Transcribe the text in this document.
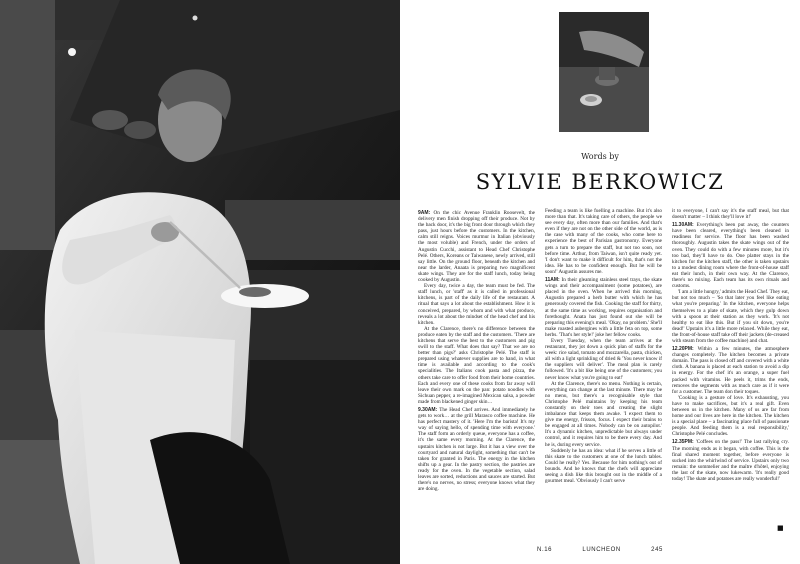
Words by
SYLVIE BERKOWICZ

9AM: On the chic Avenue Franklin Roosevelt, the delivery men finish dropping off their produce. Not by the back door, it's the big front door through which they pass, just hours before the customers. In the kitchen, calm still reigns. Voices murmur in Italian (obviously the most voluble) and French, under the orders of Augustin Cucchi, assistant to Head Chef Christophe Pelé. Others, Koreans or Taiwanese, newly arrived, still say little. On the ground floor, beneath the kitchen and near the larder, Anaata is preparing two magnificent skate wings. They are for the staff lunch, today being cooked by Augustin.

Every day, twice a day, the team must be fed. The staff lunch, or 'staff' as it is called in professional kitchens, is part of the daily life of the restaurant. A ritual that says a lot about the establishment. How it is conceived, prepared, by whom and with what produce, reveals a lot about the mindset of the head chef and his kitchen.

At the Clarence, there's no difference between the produce eaten by the staff and the customers. 'There are kitchens that serve the best to the customers and pig swill to the staff. What does that say? That we are no better than pigs?' asks Christophe Pelé. The staff is prepared using whatever supplies are to hand, in what time is available and according to the cook's specialities. The Italians cook pasta and pizza, the others take care to offer food from their home countries. Each and every one of these cooks from far away will leave their own mark on the pan: potato noodles with Sichuan pepper, a re-imagined Mexican salsa, a powder made from blackened ginger skin…

9.30AM: The Head Chef arrives. And immediately he gets to work… at the grill Marasco coffee machine. He has perfect mastery of it. 'Here I'm the barista! It's my way of saying hello, of spending time with everyone.' The staff form an orderly queue, everyone has a coffee, it's the same every morning. At the Clarence, the upstairs kitchen is not large. But it has a view over the courtyard and natural daylight, something that can't be taken for granted in Paris. The energy in the kitchen shifts up a gear. In the pastry section, the pastries are ready for the oven. In the vegetable section, salad leaves are sorted, reductions and sauces are started. But there's no nerves, no stress; everyone knows what they are doing.

Feeding a team is like fuelling a machine. But it's also more than that. It's taking care of others, the people we see every day, often more than our families. And that's even if they are not on the other side of the world, as is the case with many of the cooks, who come here to experience the best of Parisian gastronomy. Everyone gets a turn to prepare the staff, but not too soon, not before time. Arthur, from Taiwan, isn't quite ready yet. 'I don't want to make it difficult for him, that's not the idea. He has to be confident enough. But he will be soon!' Augustin assures me.

11AM: In their gleaming stainless steel trays, the skate wings and their accompaniment (some potatoes), are placed in the oven. When he arrived this morning, Augustin prepared a herb butter with which he has generously covered the fish. Cooking the staff for thirty, at the same time as working, requires organisation and forethought. Anata has just found out she will be preparing this evening's meal. 'Okay, no problem.' She'll make roasted aubergines with a little feta on top, some herbs. 'That's her style!' joke her fellow cooks.

Every Tuesday, when the team arrives at the restaurant, they jot down a quick plan of staffs for the week: rice salad, tomato and mozzarella, pasta, chicken, all with a light sprinkling of dried & 'You never know if the suppliers will deliver'. The meal plan is rarely followed. 'It's a bit like being one of the customers; you never know what you're going to eat!'

At the Clarence, there's no menu. Nothing is certain, everything can change at the last minute. There may be no menu, but there's a recognisable style that Christophe Pelé maintains by keeping his team constantly on their toes and creating the slight imbalance that keeps them awake. 'I expect them to give me energy, frisson, focus. I expect their brains to be engaged at all times. Nobody can be on autopilot.' It's a dynamic kitchen, unpredictable but always under control, and it requires him to be there every day. And he is, during every service.

Suddenly he has an idea: what if he serves a little of this skate to the customers at one of the lunch tables. Could he really? Yes. Because for him nothing's out of bounds. And he knows that the chefs will appreciate seeing a dish like this brought out in the middle of a gourmet meal. 'Obviously I can't serve

it to everyone, I can't say it's the staff meal, but that doesn't matter – I think they'll love it!'

11.30AM: Everything's been put away, the counters have been cleared, everything's been cleaned in readiness for service. The floor has been washed thoroughly. Augustin takes the skate wings out of the oven. They could do with a few minutes more, but it's too bad, they'll have to do. One platter stays in the kitchen for the kitchen staff, the other is taken upstairs to a modest dining room where the front-of-house staff eat their lunch, in their own way. At the Clarence, there's no mixing. Each team has its own rituals and customs.

'I am a little hungry,' admits the Head Chef. They eat, but not too much – 'So that later you feel like eating what you're preparing.' In the kitchen, everyone helps themselves to a plate of skate, which they gulp down with a spoon at their station as they work. 'It's not healthy to eat like this. But if you sit down, you're dead!' Upstairs it's a little more relaxed. While they eat, the front-of-house staff take off their jackets (de-creased with steam from the coffee machine) and chat.

12.20PM: Within a few minutes, the atmosphere changes completely. The kitchen becomes a private domain. The pass is closed off and covered with a white cloth. A banana is placed at each station to avoid a dip in energy. For the chef it's an orange, a super fuel packed with vitamins. He peels it, trims the ends, removes the segments with as much care as if it were for a customer. The team don their toques.

'Cooking is a gesture of love. It's exhausting, you have to make sacrifices, but it's a real gift. Even between us in the kitchen. Many of us are far from home and our lives are here in the kitchen. The kitchen is a special place – a fascinating place full of passionate people. And feeding them is a real responsibility,' Christophe Pelé concludes.

12.35PM: 'Coffees on the pass!' The last rallying cry. The morning ends as it began, with coffee. This is the final shared moment together, before everyone is sucked into the whirlwind of service. Upstairs only two remain: the sommelier and the maître d'hôtel, enjoying the last of the skate, now lukewarm. 'It's really good today! The skate and potatoes are really wonderful!'

■
N.16	LUNCHEON	245
